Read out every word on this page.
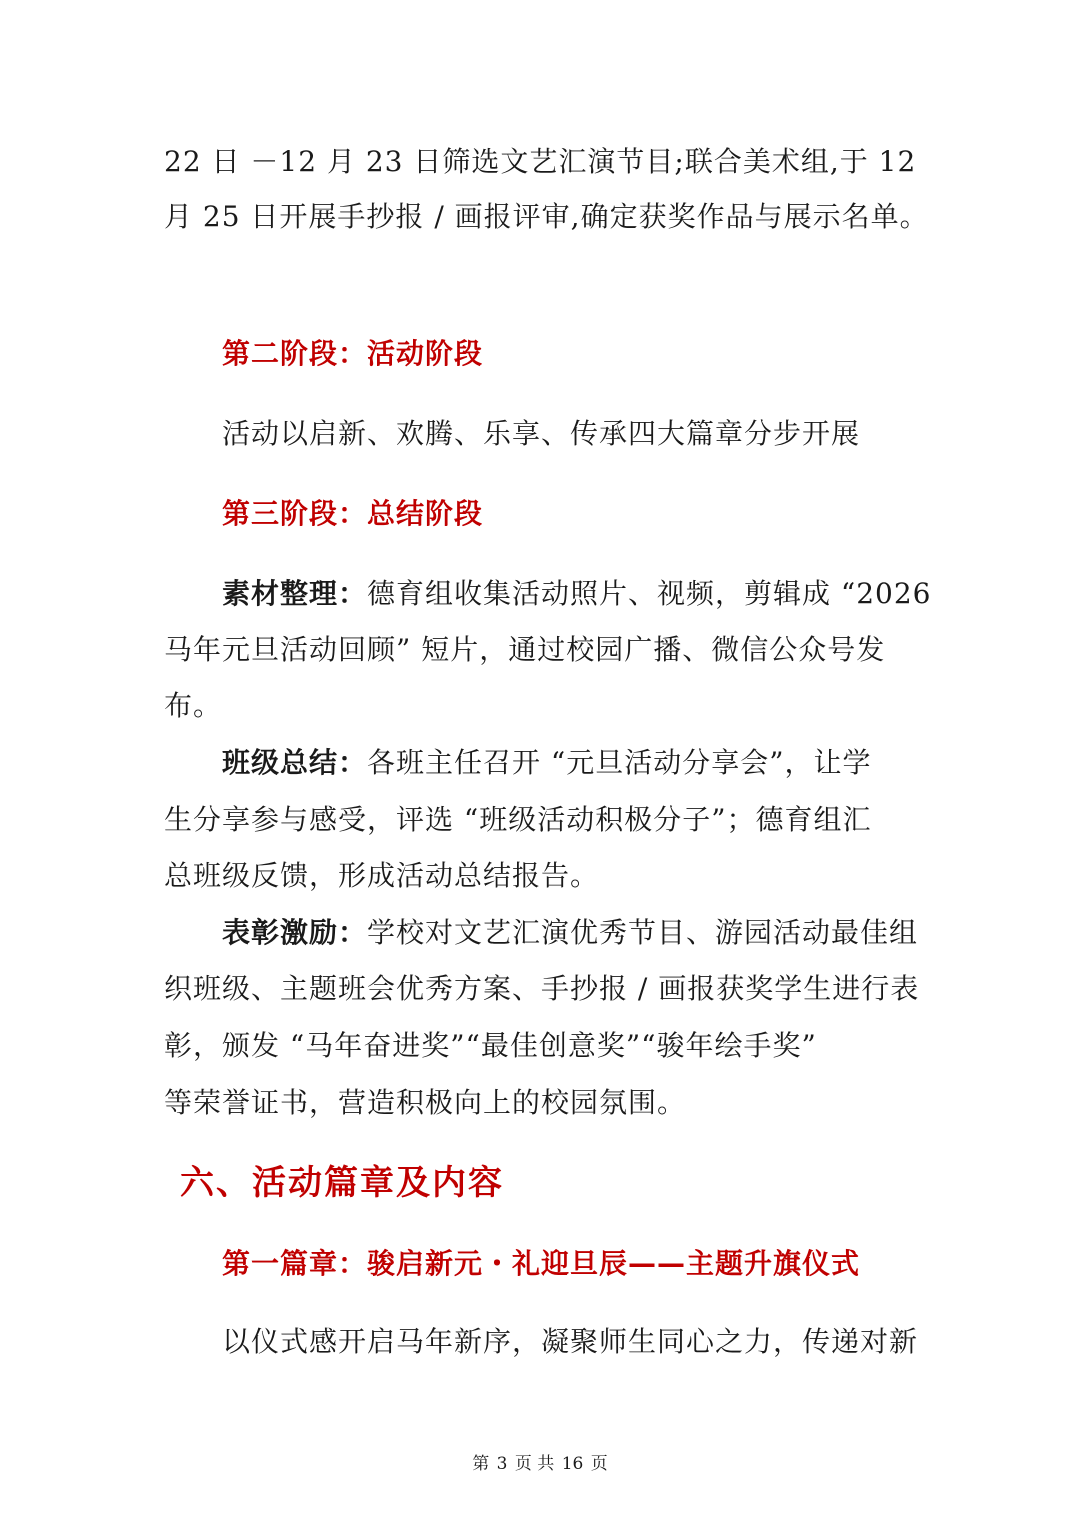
22 日 －12 月 23 日筛选文艺汇演节目;联合美术组,于 12
月 25 日开展手抄报 / 画报评审,确定获奖作品与展示名单。
第二阶段：活动阶段
活动以启新、欢腾、乐享、传承四大篇章分步开展
第三阶段：总结阶段
素材整理：德育组收集活动照片、视频，剪辑成 “2026
马年元旦活动回顾” 短片，通过校园广播、微信公众号发
布。
班级总结：各班主任召开 “元旦活动分享会”，让学
生分享参与感受，评选 “班级活动积极分子”；德育组汇
总班级反馈，形成活动总结报告。
表彰激励：学校对文艺汇演优秀节目、游园活动最佳组
织班级、主题班会优秀方案、手抄报 / 画报获奖学生进行表
彰，颁发 “马年奋进奖”“最佳创意奖”“骏年绘手奖”
等荣誉证书，营造积极向上的校园氛围。
六、活动篇章及内容
第一篇章：骏启新元・礼迎旦辰——主题升旗仪式
以仪式感开启马年新序，凝聚师生同心之力，传递对新
第 3 页 共 16 页
